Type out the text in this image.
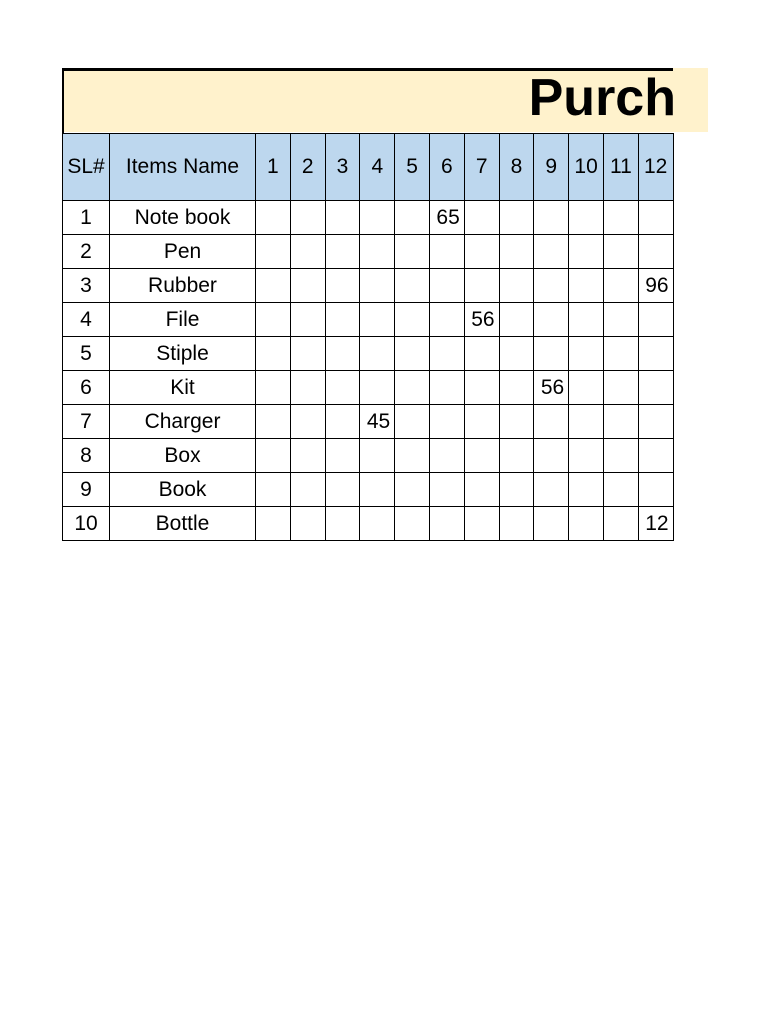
Purch
SL#	Items Name	1	2	3	4	5	6	7	8	9	10	11	12
1	Note book						65						
2	Pen												
3	Rubber												96
4	File							56					
5	Stiple												
6	Kit									56			
7	Charger				45								
8	Box												
9	Book												
10	Bottle												12
